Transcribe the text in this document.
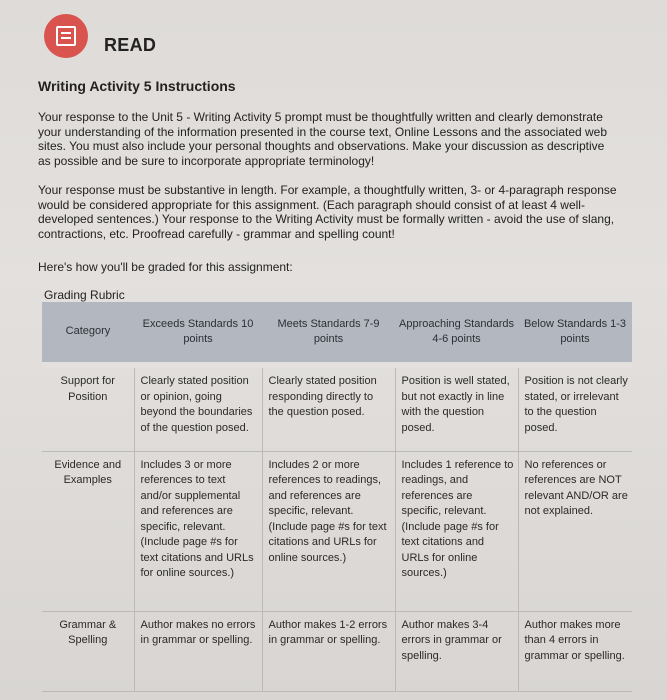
READ
Writing Activity 5 Instructions
Your response to the Unit 5 - Writing Activity 5 prompt must be thoughtfully written and clearly demonstrate your understanding of the information presented in the course text, Online Lessons and the associated web sites. You must also include your personal thoughts and observations. Make your discussion as descriptive as possible and be sure to incorporate appropriate terminology!
Your response must be substantive in length. For example, a thoughtfully written, 3- or 4-paragraph response would be considered appropriate for this assignment. (Each paragraph should consist of at least 4 well-developed sentences.) Your response to the Writing Activity must be formally written - avoid the use of slang, contractions, etc. Proofread carefully - grammar and spelling count!
Here's how you'll be graded for this assignment:
Grading Rubric
Category	Exceeds Standards 10 points	Meets Standards 7-9 points	Approaching Standards 4-6 points	Below Standards 1-3 points
Support for Position	Clearly stated position or opinion, going beyond the boundaries of the question posed.	Clearly stated position responding directly to the question posed.	Position is well stated, but not exactly in line with the question posed.	Position is not clearly stated, or irrelevant to the question posed.
Evidence and Examples	Includes 3 or more references to text and/or supplemental and references are specific, relevant. (Include page #s for text citations and URLs for online sources.)	Includes 2 or more references to readings, and references are specific, relevant. (Include page #s for text citations and URLs for online sources.)	Includes 1 reference to readings, and references are specific, relevant. (Include page #s for text citations and URLs for online sources.)	No references or references are NOT relevant AND/OR are not explained.
Grammar & Spelling	Author makes no errors in grammar or spelling.	Author makes 1-2 errors in grammar or spelling.	Author makes 3-4 errors in grammar or spelling.	Author makes more than 4 errors in grammar or spelling.
